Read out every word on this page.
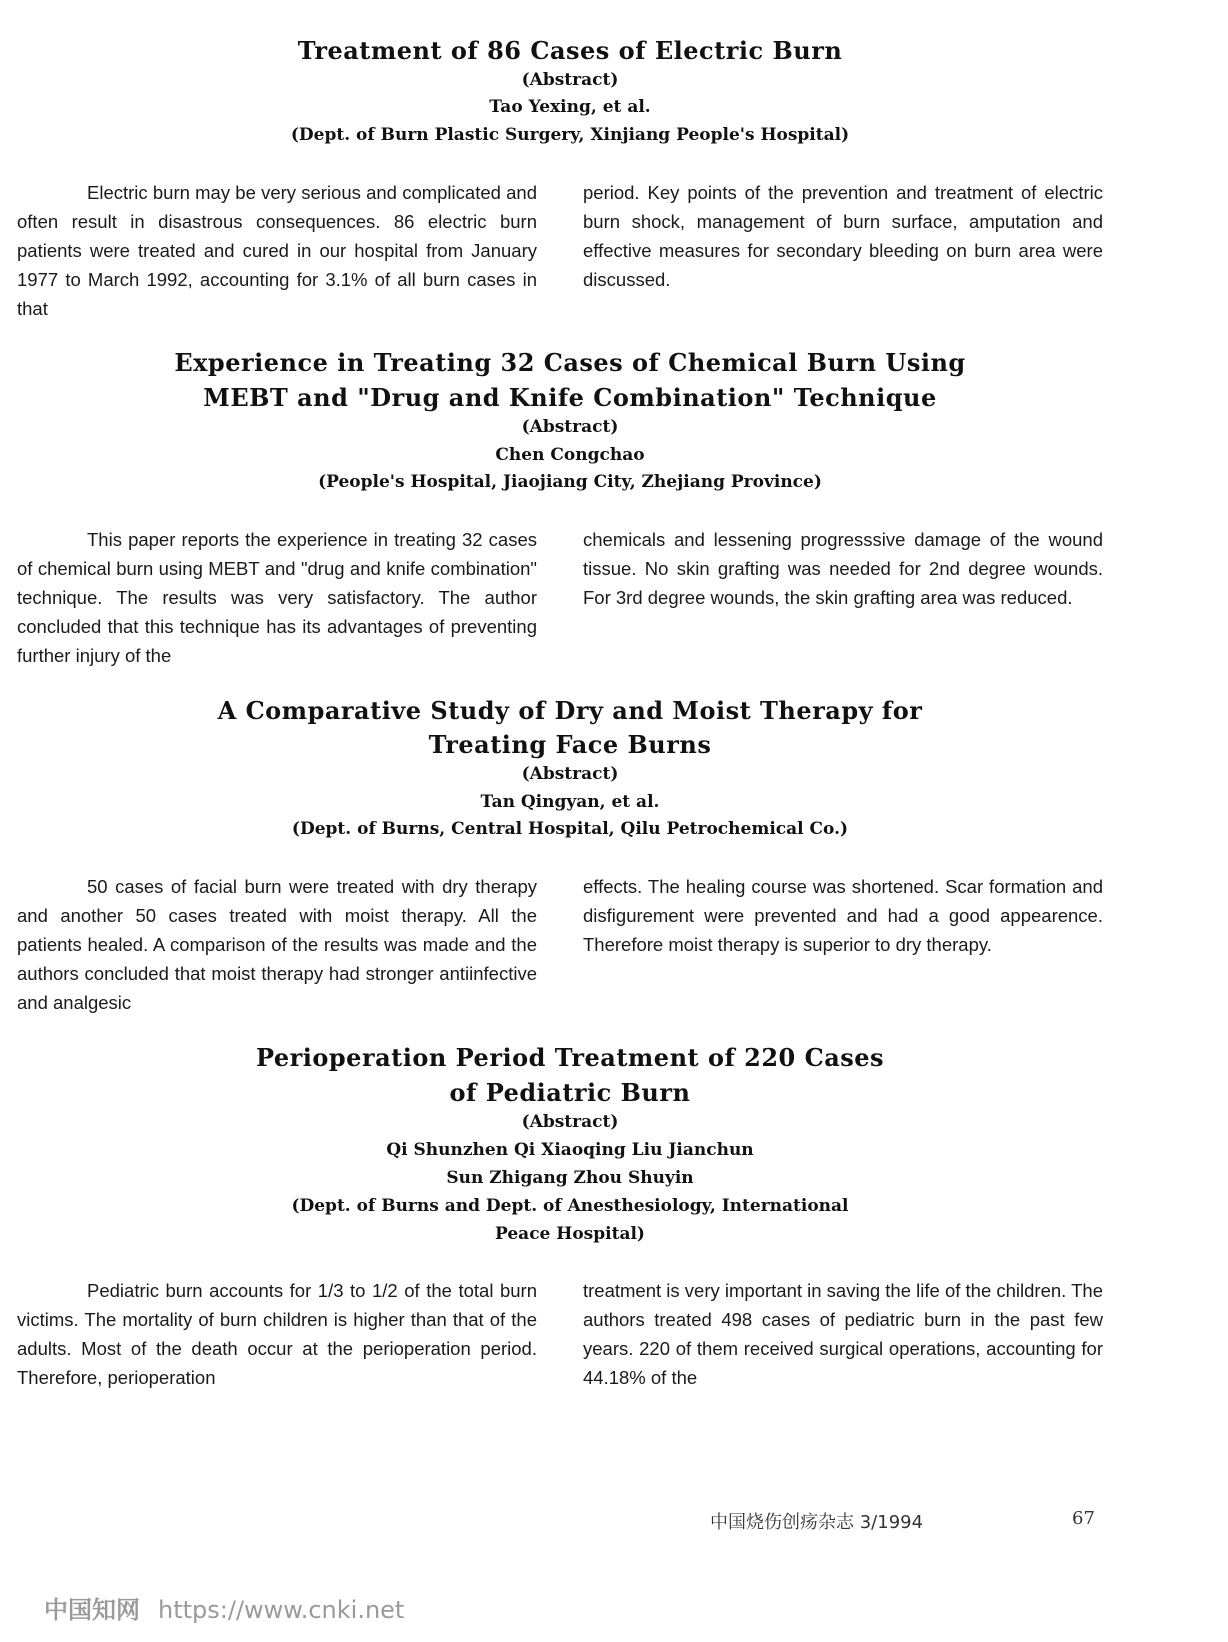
Treatment of 86 Cases of Electric Burn
(Abstract)
Tao Yexing, et al.
(Dept. of Burn Plastic Surgery, Xinjiang People's Hospital)
Electric burn may be very serious and complicated and often result in disastrous consequences. 86 electric burn patients were treated and cured in our hospital from January 1977 to March 1992, accounting for 3.1% of all burn cases in that
period. Key points of the prevention and treatment of electric burn shock, management of burn surface, amputation and effective measures for secondary bleeding on burn area were discussed.
Experience in Treating 32 Cases of Chemical Burn Using
MEBT and "Drug and Knife Combination" Technique
(Abstract)
Chen Congchao
(People's Hospital, Jiaojiang City, Zhejiang Province)
This paper reports the experience in treating 32 cases of chemical burn using MEBT and "drug and knife combination" technique. The results was very satisfactory. The author concluded that this technique has its advantages of preventing further injury of the
chemicals and lessening progresssive damage of the wound tissue. No skin grafting was needed for 2nd degree wounds. For 3rd degree wounds, the skin grafting area was reduced.
A Comparative Study of Dry and Moist Therapy for
Treating Face Burns
(Abstract)
Tan Qingyan, et al.
(Dept. of Burns, Central Hospital, Qilu Petrochemical Co.)
50 cases of facial burn were treated with dry therapy and another 50 cases treated with moist therapy. All the patients healed. A comparison of the results was made and the authors concluded that moist therapy had stronger antiinfective and analgesic
effects. The healing course was shortened. Scar formation and disfigurement were prevented and had a good appearence. Therefore moist therapy is superior to dry therapy.
Perioperation Period Treatment of 220 Cases
of Pediatric Burn
(Abstract)
Qi Shunzhen Qi Xiaoqing Liu Jianchun
Sun Zhigang Zhou Shuyin
(Dept. of Burns and Dept. of Anesthesiology, International
Peace Hospital)
Pediatric burn accounts for 1/3 to 1/2 of the total burn victims. The mortality of burn children is higher than that of the adults. Most of the death occur at the perioperation period. Therefore, perioperation
treatment is very important in saving the life of the children. The authors treated 498 cases of pediatric burn in the past few years. 220 of them received surgical operations, accounting for 44.18% of the
中国烧伤创疡杂志 3/1994	67
中国知网 https://www.cnki.net
